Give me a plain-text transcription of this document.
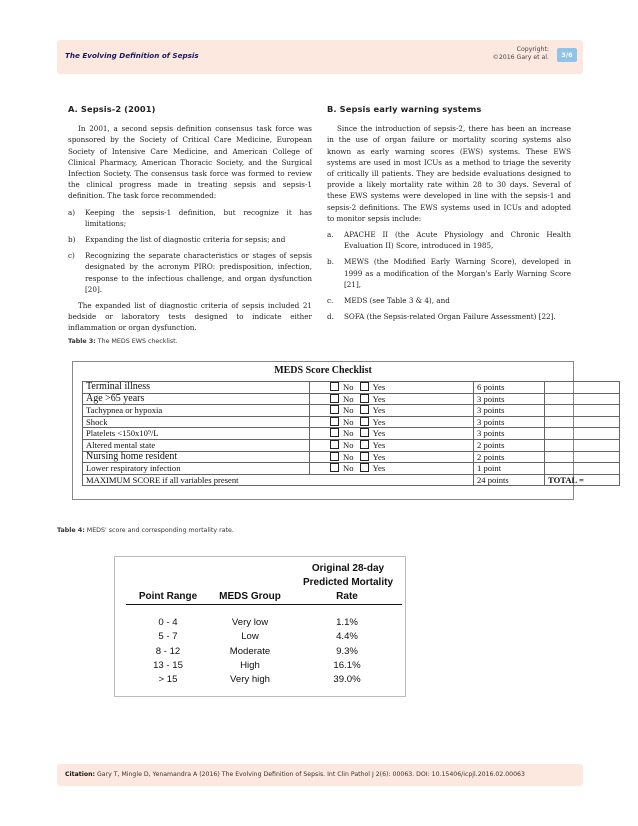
The Evolving Definition of Sepsis
Copyright:
©2016 Gary et al.	3/6
A. Sepsis-2 (2001)

In 2001, a second sepsis definition consensus task force was sponsored by the Society of Critical Care Medicine, European Society of Intensive Care Medicine, and American College of Clinical Pharmacy, American Thoracic Society, and the Surgical Infection Society. The consensus task force was formed to review the clinical progress made in treating sepsis and sepsis-1 definition. The task force recommended:

a) Keeping the sepsis-1 definition, but recognize it has limitations;
b) Expanding the list of diagnostic criteria for sepsis; and
c) Recognizing the separate characteristics or stages of sepsis designated by the acronym PIRO: predisposition, infection, response to the infectious challenge, and organ dysfunction [20].

The expanded list of diagnostic criteria of sepsis included 21 bedside or laboratory tests designed to indicate either inflammation or organ dysfunction.

B. Sepsis early warning systems

Since the introduction of sepsis-2, there has been an increase in the use of organ failure or mortality scoring systems also known as early warning scores (EWS) systems. These EWS systems are used in most ICUs as a method to triage the severity of critically ill patients. They are bedside evaluations designed to provide a likely mortality rate within 28 to 30 days. Several of these EWS systems were developed in line with the sepsis-1 and sepsis-2 definitions. The EWS systems used in ICUs and adopted to monitor sepsis include:

a. APACHE II (the Acute Physiology and Chronic Health Evaluation II) Score, introduced in 1985,
b. MEWS (the Modified Early Warning Score), developed in 1999 as a modification of the Morgan's Early Warning Score [21],
c. MEDS (see Table 3 & 4), and
d. SOFA (the Sepsis-related Organ Failure Assessment) [22].
Table 3: The MEDS EWS checklist.
MEDS Score Checklist
Terminal illness	No Yes	6 points	
Age >65 years	No Yes	3 points	
Tachypnea or hypoxia	No Yes	3 points	
Shock	No Yes	3 points	
Platelets <150x10⁹/L	No Yes	3 points	
Altered mental state	No Yes	2 points	
Nursing home resident	No Yes	2 points	
Lower respiratory infection	No Yes	1 point	
MAXIMUM SCORE if all variables present		24 points	TOTAL =
Table 4: MEDS' score and corresponding mortality rate.
Original 28-day
Predicted Mortality
Point Range	MEDS Group	Rate
0 - 4	Very low	1.1%
5 - 7	Low	4.4%
8 - 12	Moderate	9.3%
13 - 15	High	16.1%
> 15	Very high	39.0%
Citation: Gary T, Mingle D, Yenamandra A (2016) The Evolving Definition of Sepsis. Int Clin Pathol J 2(6): 00063. DOI: 10.15406/icpjl.2016.02.00063
